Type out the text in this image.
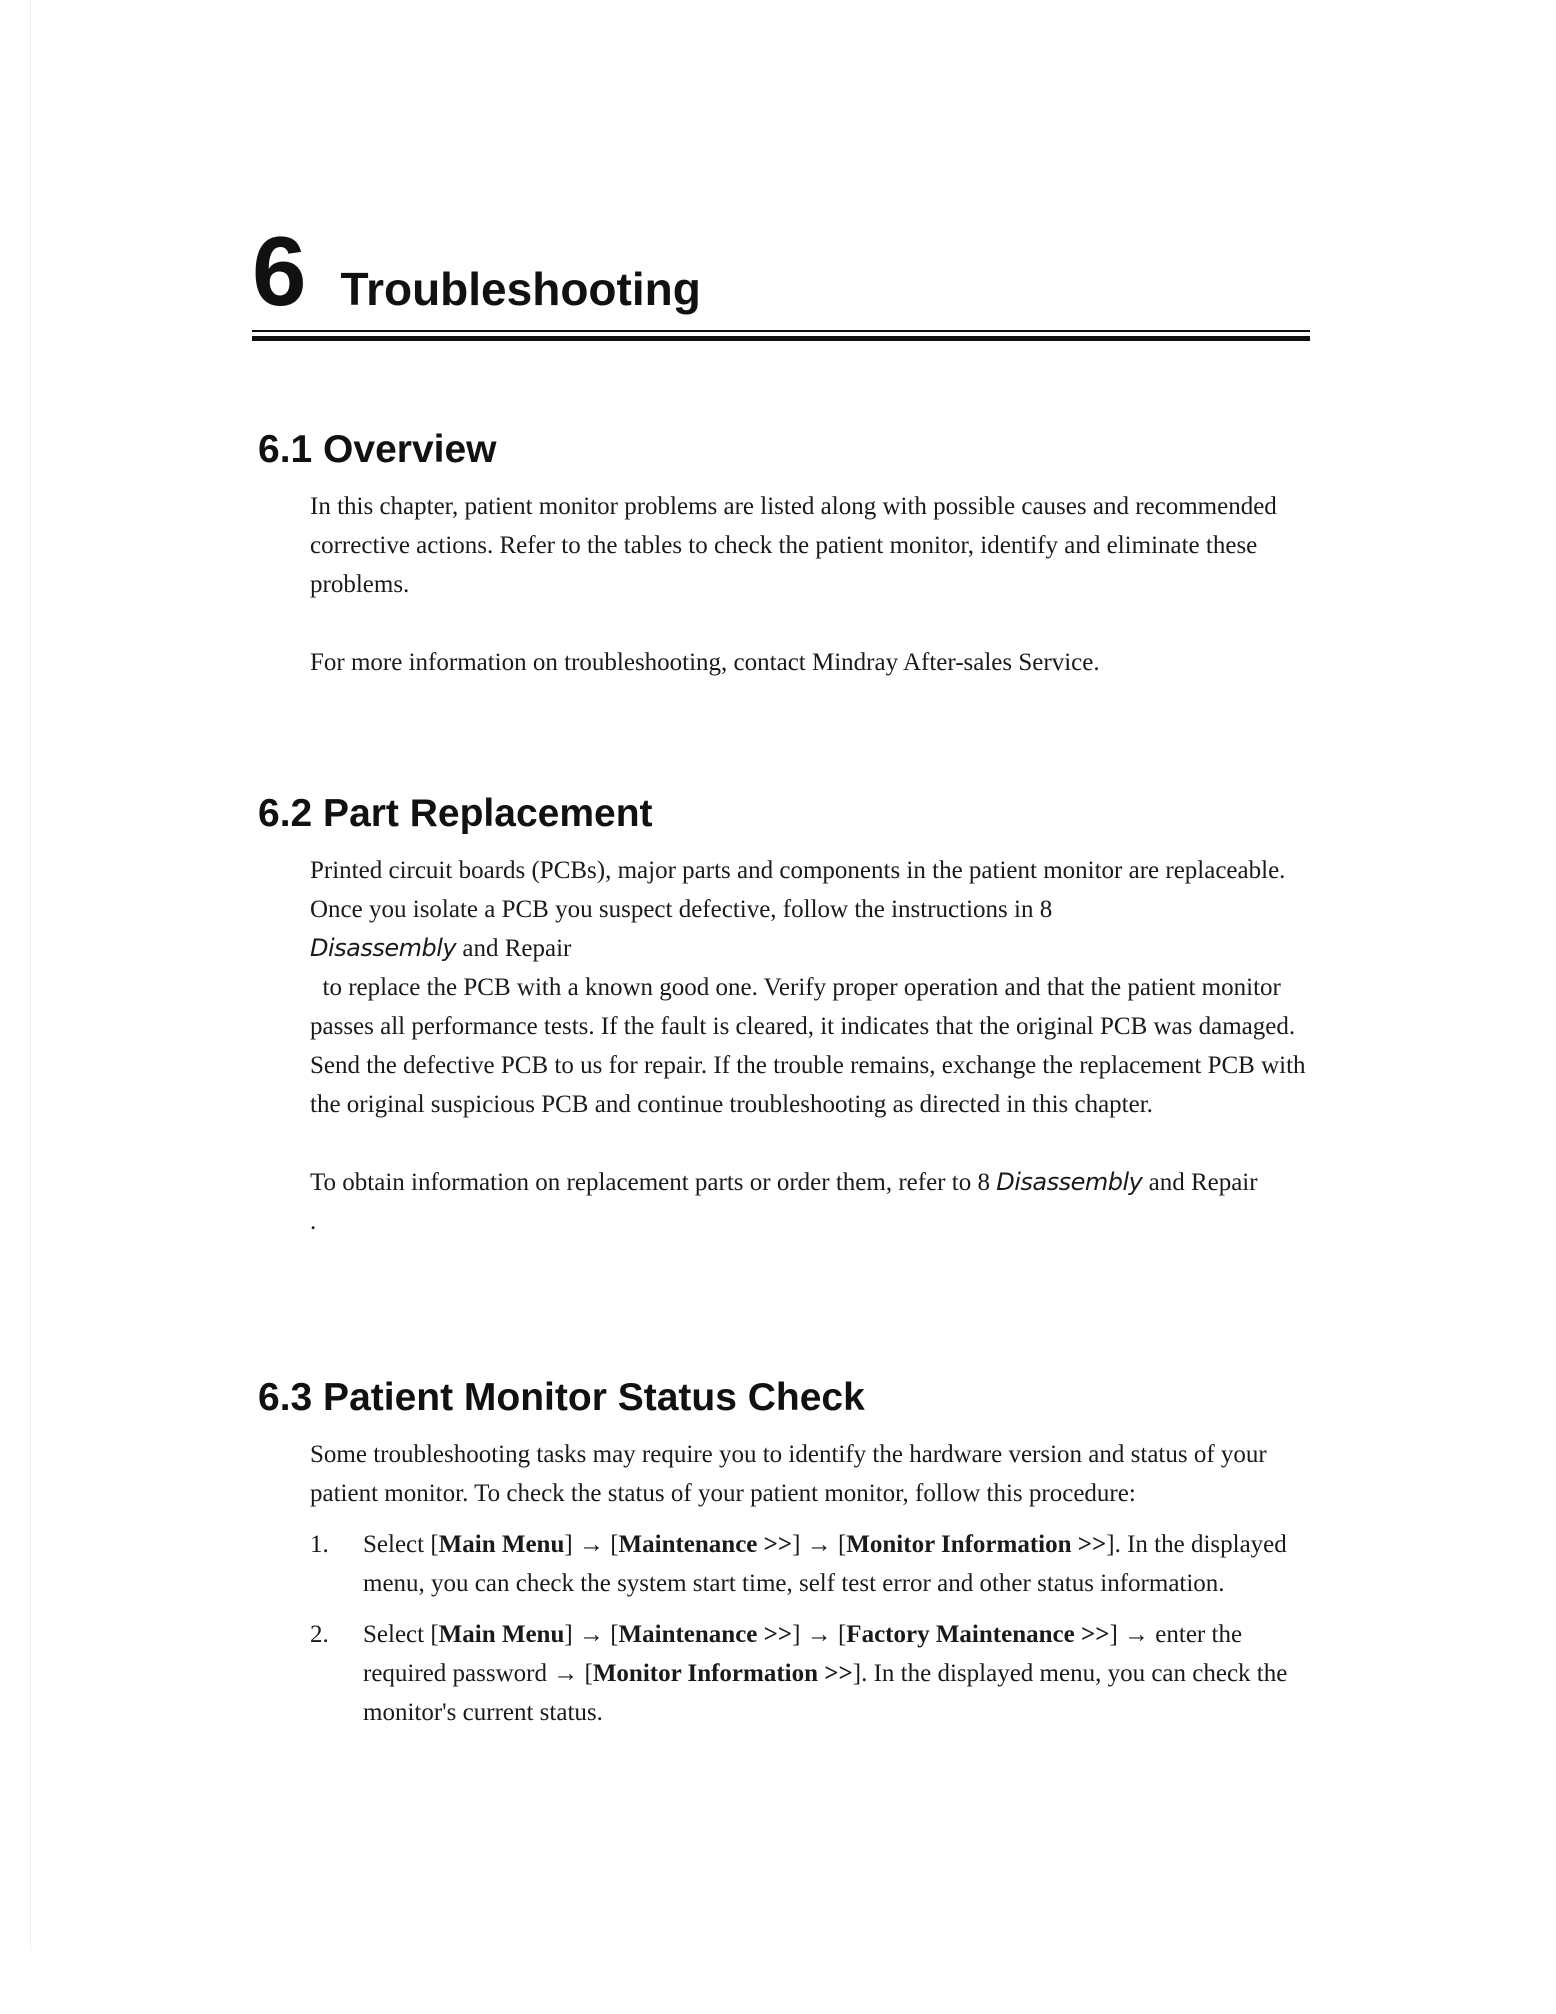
6 Troubleshooting
6.1 Overview

In this chapter, patient monitor problems are listed along with possible causes and recommended corrective actions. Refer to the tables to check the patient monitor, identify and eliminate these problems.

For more information on troubleshooting, contact Mindray After-sales Service.

6.2 Part Replacement

Printed circuit boards (PCBs), major parts and components in the patient monitor are replaceable. Once you isolate a PCB you suspect defective, follow the instructions in 8
Disassembly and Repair
to replace the PCB with a known good one. Verify proper operation and that the patient monitor passes all performance tests. If the fault is cleared, it indicates that the original PCB was damaged. Send the defective PCB to us for repair. If the trouble remains, exchange the replacement PCB with the original suspicious PCB and continue troubleshooting as directed in this chapter.

To obtain information on replacement parts or order them, refer to 8 Disassembly and Repair
.

6.3 Patient Monitor Status Check

Some troubleshooting tasks may require you to identify the hardware version and status of your patient monitor. To check the status of your patient monitor, follow this procedure:

1.	Select [Main Menu] → [Maintenance >>] → [Monitor Information >>]. In the displayed menu, you can check the system start time, self test error and other status information.
2.	Select [Main Menu] → [Maintenance >>] → [Factory Maintenance >>] → enter the required password → [Monitor Information >>]. In the displayed menu, you can check the monitor's current status.
